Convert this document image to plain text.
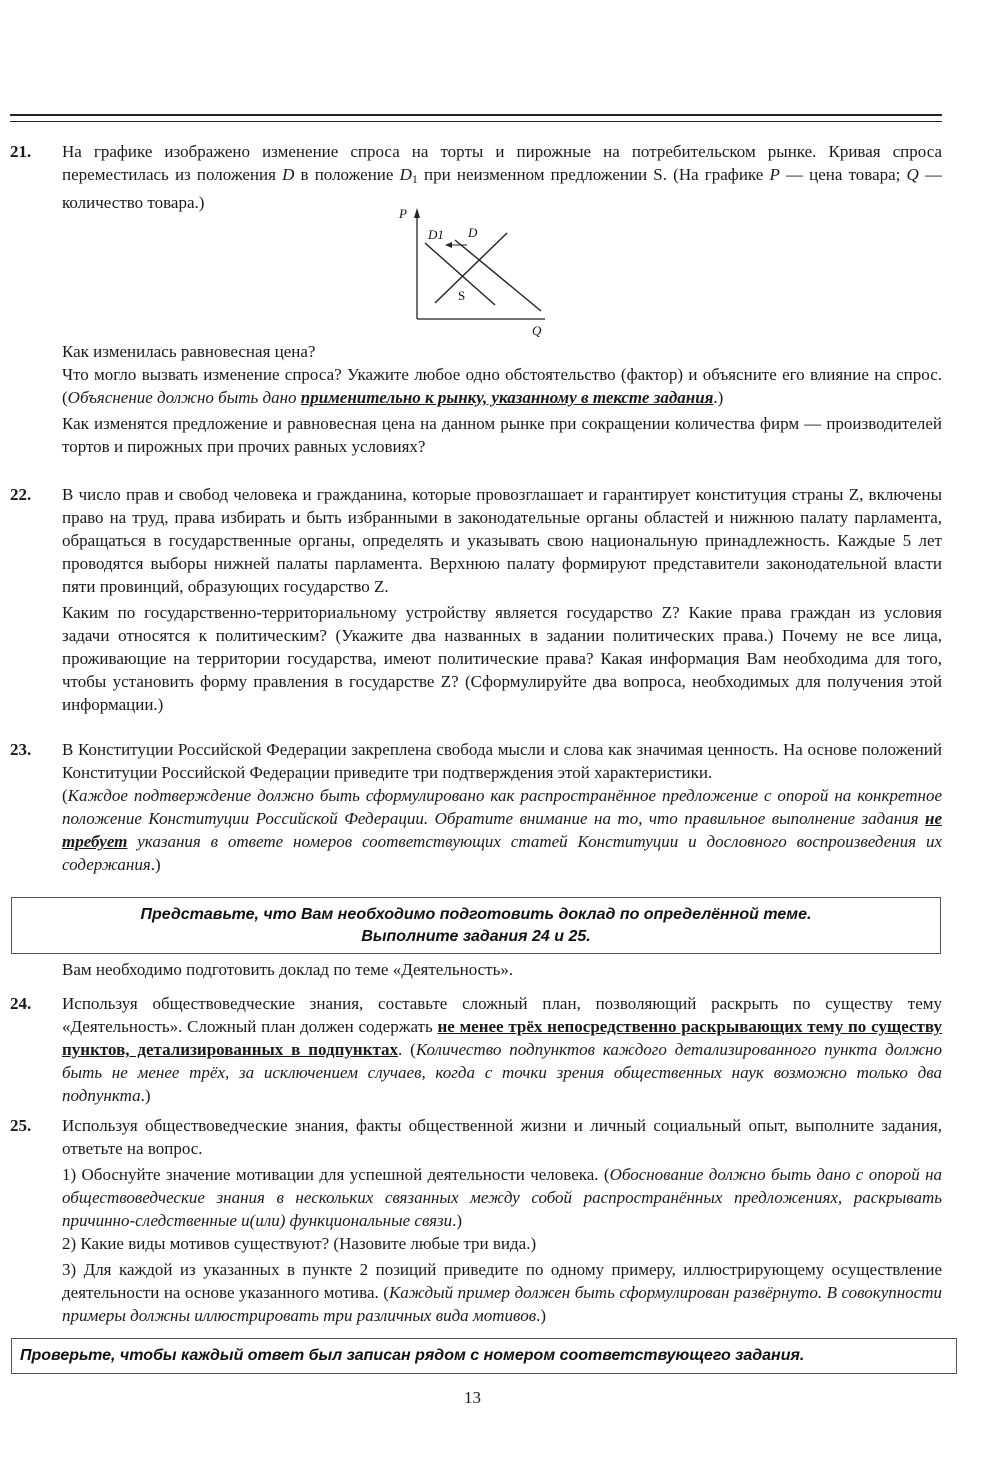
21.	На графике изображено изменение спроса на торты и пирожные на потребительском рынке. Кривая спроса переместилась из положения D в положение $D_1$ при неизменном предложении S. (На графике P — цена товара; Q — количество товара.)

P
Q
D1 D
S

Как изменилась равновесная цена?

Что могло вызвать изменение спроса? Укажите любое одно обстоятельство (фактор) и объясните его влияние на спрос. (Объяснение должно быть дано применительно к рынку, указанному в тексте задания.)

Как изменятся предложение и равновесная цена на данном рынке при сокращении количества фирм — производителей тортов и пирожных при прочих равных условиях?

22.	В число прав и свобод человека и гражданина, которые провозглашает и гарантирует конституция страны Z, включены право на труд, права избирать и быть избранными в законодательные органы областей и нижнюю палату парламента, обращаться в государственные органы, определять и указывать свою национальную принадлежность. Каждые 5 лет проводятся выборы нижней палаты парламента. Верхнюю палату формируют представители законодательной власти пяти провинций, образующих государство Z.

Каким по государственно-территориальному устройству является государство Z? Какие права граждан из условия задачи относятся к политическим? (Укажите два названных в задании политических права.) Почему не все лица, проживающие на территории государства, имеют политические права? Какая информация Вам необходима для того, чтобы установить форму правления в государстве Z? (Сформулируйте два вопроса, необходимых для получения этой информации.)

23.	В Конституции Российской Федерации закреплена свобода мысли и слова как значимая ценность. На основе положений Конституции Российской Федерации приведите три подтверждения этой характеристики.

(Каждое подтверждение должно быть сформулировано как распространённое предложение с опорой на конкретное положение Конституции Российской Федерации. Обратите внимание на то, что правильное выполнение задания не требует указания в ответе номеров соответствующих статей Конституции и дословного воспроизведения их содержания.)

Представьте, что Вам необходимо подготовить доклад по определённой теме.
Выполните задания 24 и 25.
Вам необходимо подготовить доклад по теме «Деятельность».
24.	Используя обществоведческие знания, составьте сложный план, позволяющий раскрыть по существу тему «Деятельность». Сложный план должен содержать не менее трёх непосредственно раскрывающих тему по существу пунктов, детализированных в подпунктах. (Количество подпунктов каждого детализированного пункта должно быть не менее трёх, за исключением случаев, когда с точки зрения общественных наук возможно только два подпункта.)

25.	Используя обществоведческие знания, факты общественной жизни и личный социальный опыт, выполните задания, ответьте на вопрос.

1) Обоснуйте значение мотивации для успешной деятельности человека. (Обоснование должно быть дано с опорой на обществоведческие знания в нескольких связанных между собой распространённых предложениях, раскрывать причинно-следственные и(или) функциональные связи.)

2) Какие виды мотивов существуют? (Назовите любые три вида.)

3) Для каждой из указанных в пункте 2 позиций приведите по одному примеру, иллюстрирующему осуществление деятельности на основе указанного мотива. (Каждый пример должен быть сформулирован развёрнуто. В совокупности примеры должны иллюстрировать три различных вида мотивов.)

Проверьте, чтобы каждый ответ был записан рядом с номером соответствующего задания.
13
